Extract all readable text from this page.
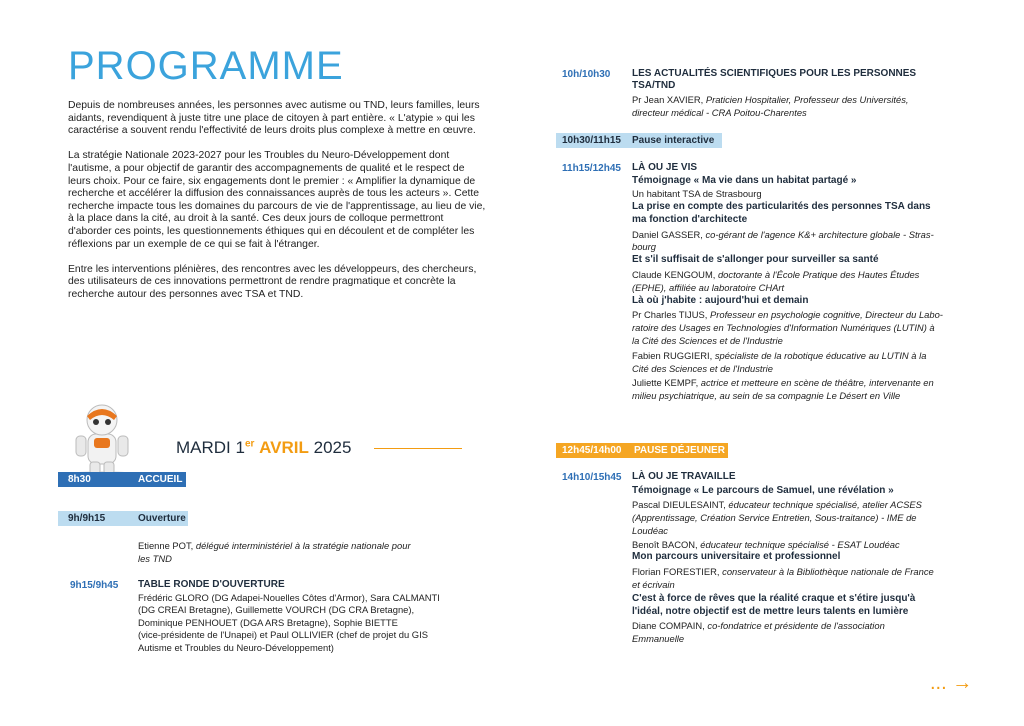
PROGRAMME

Depuis de nombreuses années, les personnes avec autisme ou TND, leurs familles, leurs aidants, revendiquent à juste titre une place de citoyen à part entière. « L'atypie » qui les caractérise a souvent rendu l'effectivité de leurs droits plus complexe à mettre en œuvre.

La stratégie Nationale 2023-2027 pour les Troubles du Neuro-Développement dont l'autisme, a pour objectif de garantir des accompagnements de qualité et le respect de leurs choix. Pour ce faire, six engagements dont le premier : « Amplifier la dynamique de recherche et accélérer la diffusion des connaissances auprès de tous les acteurs ». Cette recherche impacte tous les domaines du parcours de vie de l'apprentissage, au lieu de vie, à la place dans la cité, au droit à la santé. Ces deux jours de colloque permettront d'aborder ces points, les questionnements éthiques qui en découlent et de compléter les réflexions par un exemple de ce qui se fait à l'étranger.

Entre les interventions plénières, des rencontres avec les développeurs, des chercheurs, des utilisateurs de ces innovations permettront de rendre pragmatique et concrète la recherche autour des personnes avec TSA et TND.

MARDI 1er AVRIL 2025
8h30	ACCUEIL
9h/9h15	Ouverture
Etienne POT, délégué interministériel à la stratégie nationale pour les TND
9h15/9h45 TABLE RONDE D'OUVERTURE
Frédéric GLORO (DG Adapei-Nouelles Côtes d'Armor), Sara CALMANTI
(DG CREAI Bretagne), Guillemette VOURCH (DG CRA Bretagne),
Dominique PENHOUET (DGA ARS Bretagne), Sophie BIETTE
(vice-présidente de l'Unapei) et Paul OLLIVIER (chef de projet du GIS
Autisme et Troubles du Neuro-Développement)
10h/10h30 LES ACTUALITÉS SCIENTIFIQUES POUR LES PERSONNES
TSA/TND
Pr Jean XAVIER, Praticien Hospitalier, Professeur des Universités,
directeur médical - CRA Poitou-Charentes
10h30/11h15 Pause interactive
11h15/12h45 LÀ OU JE VIS
Témoignage « Ma vie dans un habitat partagé »
Un habitant TSA de Strasbourg
La prise en compte des particularités des personnes TSA dans
ma fonction d'architecte
Daniel GASSER, co-gérant de l'agence K&+ architecture globale - Stras-
bourg
Et s'il suffisait de s'allonger pour surveiller sa santé
Claude KENGOUM, doctorante à l'École Pratique des Hautes Études
(EPHE), affiliée au laboratoire CHArt
Là où j'habite : aujourd'hui et demain
Pr Charles TIJUS, Professeur en psychologie cognitive, Directeur du Labo-
ratoire des Usages en Technologies d'Information Numériques (LUTIN) à
la Cité des Sciences et de l'Industrie
Fabien RUGGIERI, spécialiste de la robotique éducative au LUTIN à la
Cité des Sciences et de l'Industrie
Juliette KEMPF, actrice et metteure en scène de théâtre, intervenante en
milieu psychiatrique, au sein de sa compagnie Le Désert en Ville
12h45/14h00 PAUSE DÉJEUNER
14h10/15h45 LÀ OU JE TRAVAILLE
Témoignage « Le parcours de Samuel, une révélation »
Pascal DIEULESAINT, éducateur technique spécialisé, atelier ACSES
(Apprentissage, Création Service Entretien, Sous-traitance) - IME de
Loudéac
Benoît BACON, éducateur technique spécialisé - ESAT Loudéac
Mon parcours universitaire et professionnel
Florian FORESTIER, conservateur à la Bibliothèque nationale de France
et écrivain
C'est à force de rêves que la réalité craque et s'étire jusqu'à
l'idéal, notre objectif est de mettre leurs talents en lumière
Diane COMPAIN, co-fondatrice et présidente de l'association
Emmanuelle
... →
